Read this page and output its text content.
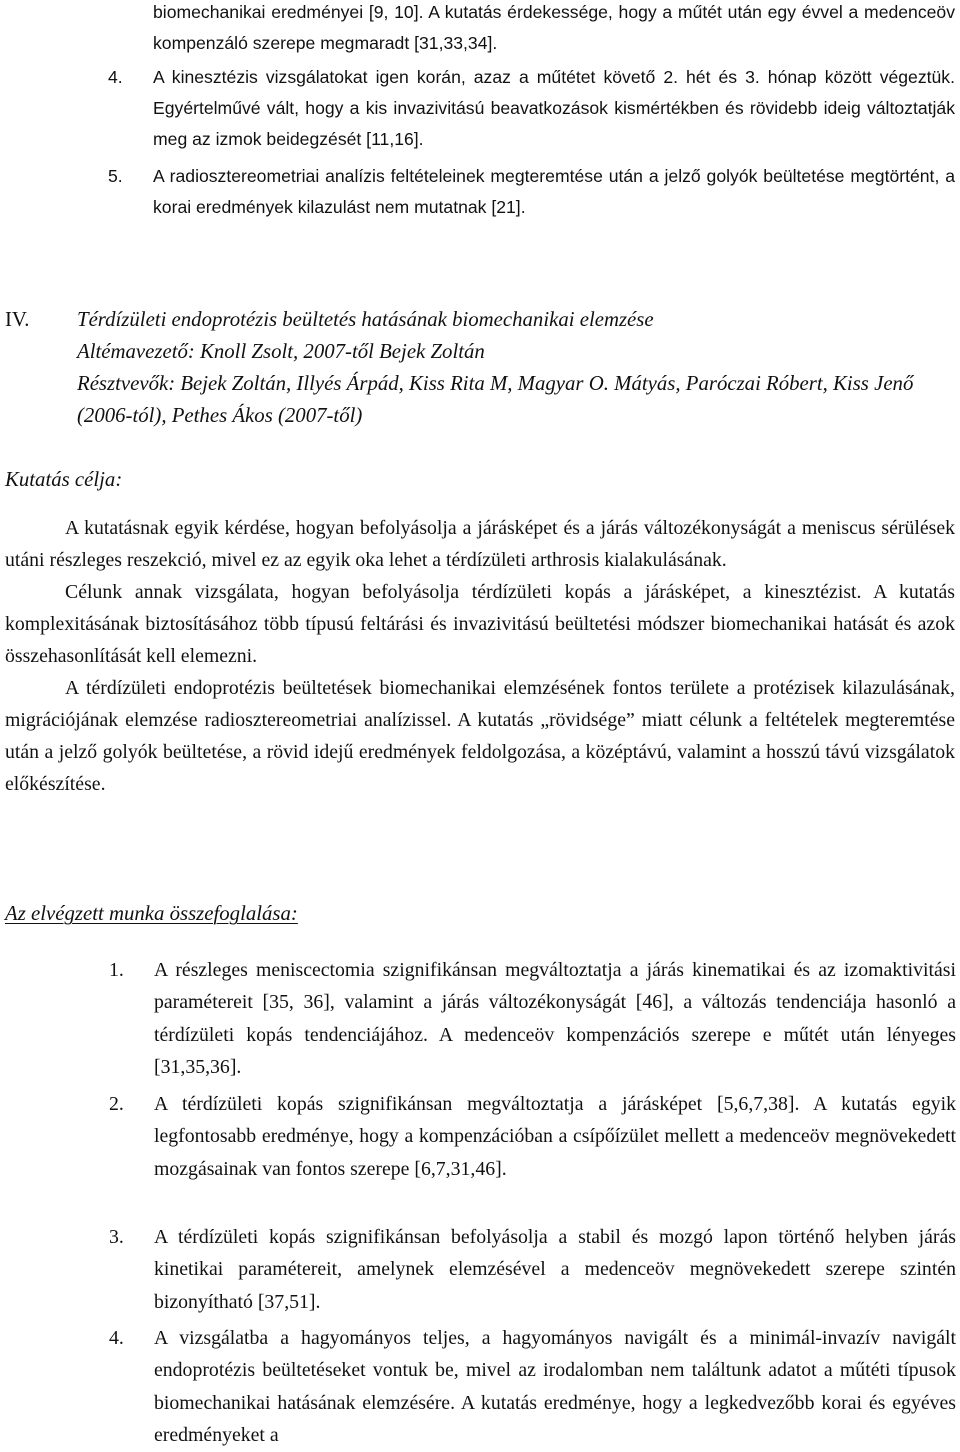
biomechanikai eredményei [9, 10]. A kutatás érdekessége, hogy a műtét után egy évvel a medenceöv kompenzáló szerepe megmaradt [31,33,34].
4.	A kinesztézis vizsgálatokat igen korán, azaz a műtétet követő 2. hét és 3. hónap között végeztük. Egyértelművé vált, hogy a kis invazivitású beavatkozások kismértékben és rövidebb ideig változtatják meg az izmok beidegzését [11,16].
5.	A radiosztereometriai analízis feltételeinek megteremtése után a jelző golyók beültetése megtörtént, a korai eredmények kilazulást nem mutatnak [21].
IV. Térdízületi endoprotézis beültetés hatásának biomechanikai elemzése
Altémavezető: Knoll Zsolt, 2007-től Bejek Zoltán
Résztvevők: Bejek Zoltán, Illyés Árpád, Kiss Rita M, Magyar O. Mátyás, Paróczai Róbert, Kiss Jenő (2006-tól), Pethes Ákos (2007-től)
Kutatás célja:

A kutatásnak egyik kérdése, hogyan befolyásolja a járásképet és a járás változékonyságát a meniscus sérülések utáni részleges reszekció, mivel ez az egyik oka lehet a térdízületi arthrosis kialakulásának.

Célunk annak vizsgálata, hogyan befolyásolja térdízületi kopás a járásképet, a kinesztézist. A kutatás komplexitásának biztosításához több típusú feltárási és invazivitású beültetési módszer biomechanikai hatását és azok összehasonlítását kell elemezni.

A térdízületi endoprotézis beültetések biomechanikai elemzésének fontos területe a protézisek kilazulásának, migrációjának elemzése radiosztereometriai analízissel. A kutatás „rövidsége” miatt célunk a feltételek megteremtése után a jelző golyók beültetése, a rövid idejű eredmények feldolgozása, a középtávú, valamint a hosszú távú vizsgálatok előkészítése.

Az elvégzett munka összefoglalása:
1.	A részleges meniscectomia szignifikánsan megváltoztatja a járás kinematikai és az izomaktivitási paramétereit [35, 36], valamint a járás változékonyságát [46], a változás tendenciája hasonló a térdízületi kopás tendenciájához. A medenceöv kompenzációs szerepe e műtét után lényeges [31,35,36].
2.	A térdízületi kopás szignifikánsan megváltoztatja a járásképet [5,6,7,38]. A kutatás egyik legfontosabb eredménye, hogy a kompenzációban a csípőízület mellett a medenceöv megnövekedett mozgásainak van fontos szerepe [6,7,31,46].
3.	A térdízületi kopás szignifikánsan befolyásolja a stabil és mozgó lapon történő helyben járás kinetikai paramétereit, amelynek elemzésével a medenceöv megnövekedett szerepe szintén bizonyítható [37,51].
4.	A vizsgálatba a hagyományos teljes, a hagyományos navigált és a minimál-invazív navigált endoprotézis beültetéseket vontuk be, mivel az irodalomban nem találtunk adatot a műtéti típusok biomechanikai hatásának elemzésére. A kutatás eredménye, hogy a legkedvezőbb korai és egyéves eredményeket a
